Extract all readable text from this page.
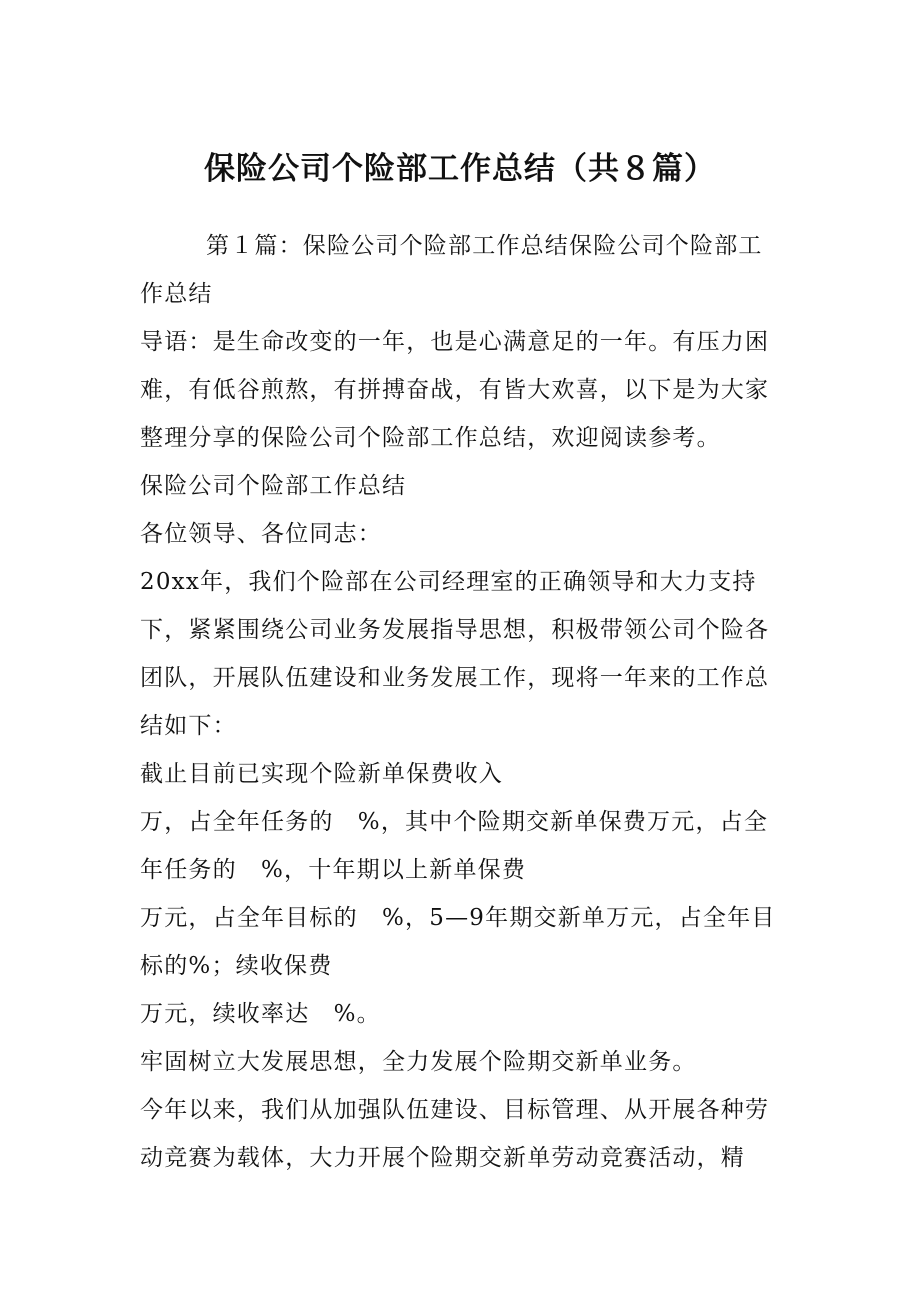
保险公司个险部工作总结（共８篇）

第１篇：保险公司个险部工作总结保险公司个险部工作总结

导语：是生命改变的一年，也是心满意足的一年。有压力困难，有低谷煎熬，有拼搏奋战，有皆大欢喜，以下是为大家整理分享的保险公司个险部工作总结，欢迎阅读参考。

保险公司个险部工作总结

各位领导、各位同志：

20xx年，我们个险部在公司经理室的正确领导和大力支持下，紧紧围绕公司业务发展指导思想，积极带领公司个险各团队，开展队伍建设和业务发展工作，现将一年来的工作总结如下：

截止目前已实现个险新单保费收入

万，占全年任务的　%，其中个险期交新单保费万元，占全年任务的　%，十年期以上新单保费

万元，占全年目标的　%，5—9年期交新单万元，占全年目标的%；续收保费

万元，续收率达　%。

牢固树立大发展思想，全力发展个险期交新单业务。

今年以来，我们从加强队伍建设、目标管理、从开展各种劳动竞赛为载体，大力开展个险期交新单劳动竞赛活动，精
